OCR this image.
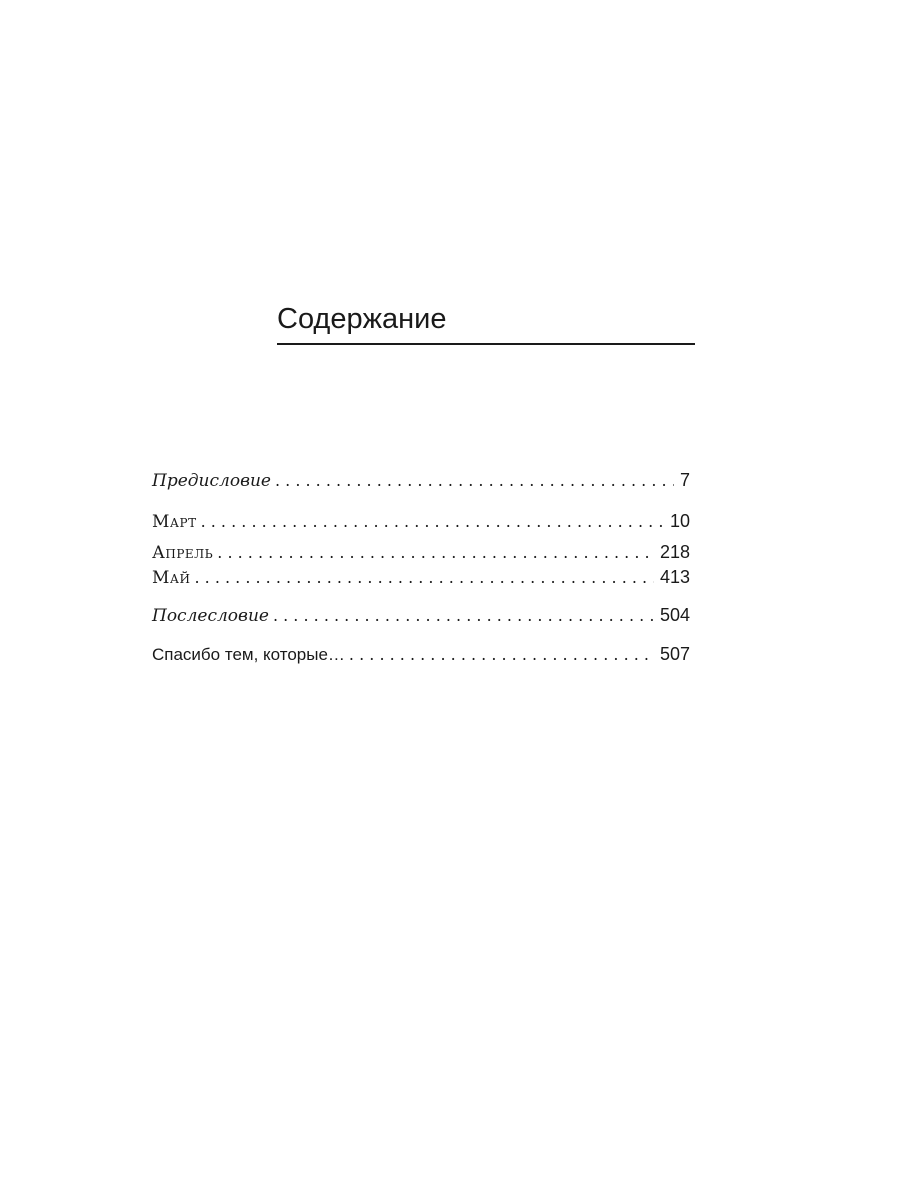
Содержание
Предисловие . . .	7
Март . . .	10
Апрель . . .	218
Май . . .	413
Послесловие . . .	504
Спасибо тем, которые… . . .	507
